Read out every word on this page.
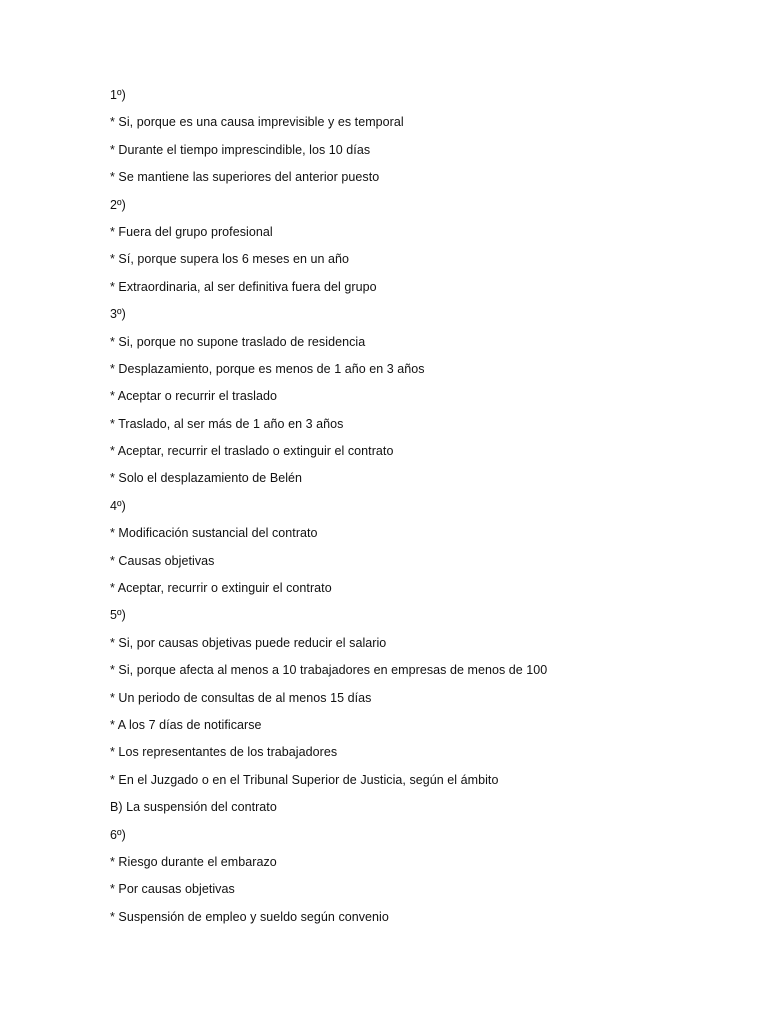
1º)
* Si, porque es una causa imprevisible y es temporal
* Durante el tiempo imprescindible, los 10 días
* Se mantiene las superiores del anterior puesto
2º)
* Fuera del grupo profesional
* Sí, porque supera los 6 meses en un año
* Extraordinaria, al ser definitiva fuera del grupo
3º)
* Si, porque no supone traslado de residencia
* Desplazamiento, porque es menos de 1 año en 3 años
* Aceptar o recurrir el traslado
* Traslado, al ser más de 1 año en 3 años
* Aceptar, recurrir el traslado o extinguir el contrato
* Solo el desplazamiento de Belén
4º)
* Modificación sustancial del contrato
* Causas objetivas
* Aceptar, recurrir o extinguir el contrato
5º)
* Si, por causas objetivas puede reducir el salario
* Si, porque afecta al menos a 10 trabajadores en empresas de menos de 100
* Un periodo de consultas de al menos 15 días
* A los 7 días de notificarse
* Los representantes de los trabajadores
* En el Juzgado o en el Tribunal Superior de Justicia, según el ámbito
B) La suspensión del contrato
6º)
* Riesgo durante el embarazo
* Por causas objetivas
* Suspensión de empleo y sueldo según convenio
